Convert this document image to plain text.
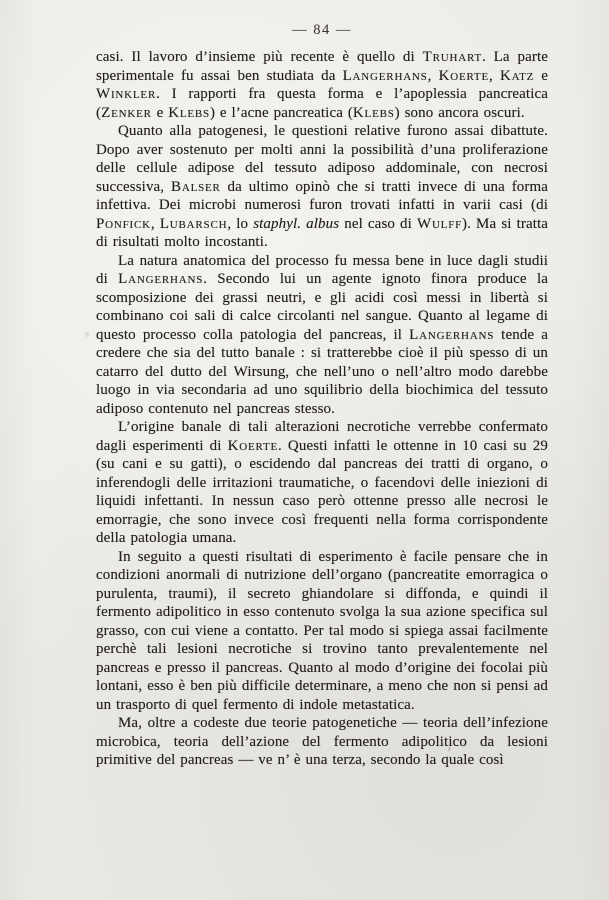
— 84 —

casi. Il lavoro d’insieme più recente è quello di Truhart. La parte sperimentale fu assai ben studiata da Langerhans, Koerte, Katz e Winkler. I rapporti fra questa forma e l’apoplessia pancreatica (Zenker e Klebs) e l’acne pancreatica (Klebs) sono ancora oscuri.

Quanto alla patogenesi, le questioni relative furono assai dibattute. Dopo aver sostenuto per molti anni la possibilità d’una proliferazione delle cellule adipose del tessuto adiposo addominale, con necrosi successiva, Balser da ultimo opinò che si tratti invece di una forma infettiva. Dei microbi numerosi furon trovati infatti in varii casi (di Ponfick, Lubarsch, lo staphyl. albus nel caso di Wulff). Ma si tratta di risultati molto incostanti.

La natura anatomica del processo fu messa bene in luce dagli studii di Langerhans. Secondo lui un agente ignoto finora produce la scomposizione dei grassi neutri, e gli acidi così messi in libertà si combinano coi sali di calce circolanti nel sangue. Quanto al legame di questo processo colla patologia del pancreas, il Langerhans tende a credere che sia del tutto banale : si tratterebbe cioè il più spesso di un catarro del dutto del Wirsung, che nell’uno o nell’altro modo darebbe luogo in via secondaria ad uno squilibrio della biochimica del tessuto adiposo contenuto nel pancreas stesso.

L’origine banale di tali alterazioni necrotiche verrebbe confermato dagli esperimenti di Koerte. Questi infatti le ottenne in 10 casi su 29 (su cani e su gatti), o escidendo dal pancreas dei tratti di organo, o inferendogli delle irritazioni traumatiche, o facendovi delle iniezioni di liquidi infettanti. In nessun caso però ottenne presso alle necrosi le emorragie, che sono invece così frequenti nella forma corrispondente della patologia umana.

In seguito a questi risultati di esperimento è facile pensare che in condizioni anormali di nutrizione dell’organo (pancreatite emorragica o purulenta, traumi), il secreto ghiandolare si diffonda, e quindi il fermento adipolitico in esso contenuto svolga la sua azione specifica sul grasso, con cui viene a contatto. Per tal modo si spiega assai facilmente perchè tali lesioni necrotiche si trovino tanto prevalentemente nel pancreas e presso il pancreas. Quanto al modo d’origine dei focolai più lontani, esso è ben più difficile determinare, a meno che non si pensi ad un trasporto di quel fermento di indole metastatica.

Ma, oltre a codeste due teorie patogenetiche — teoria dell’infezione microbica, teoria dell’azione del fermento adipolitico da lesioni primitive del pancreas — ve n’ è una terza, secondo la quale così
